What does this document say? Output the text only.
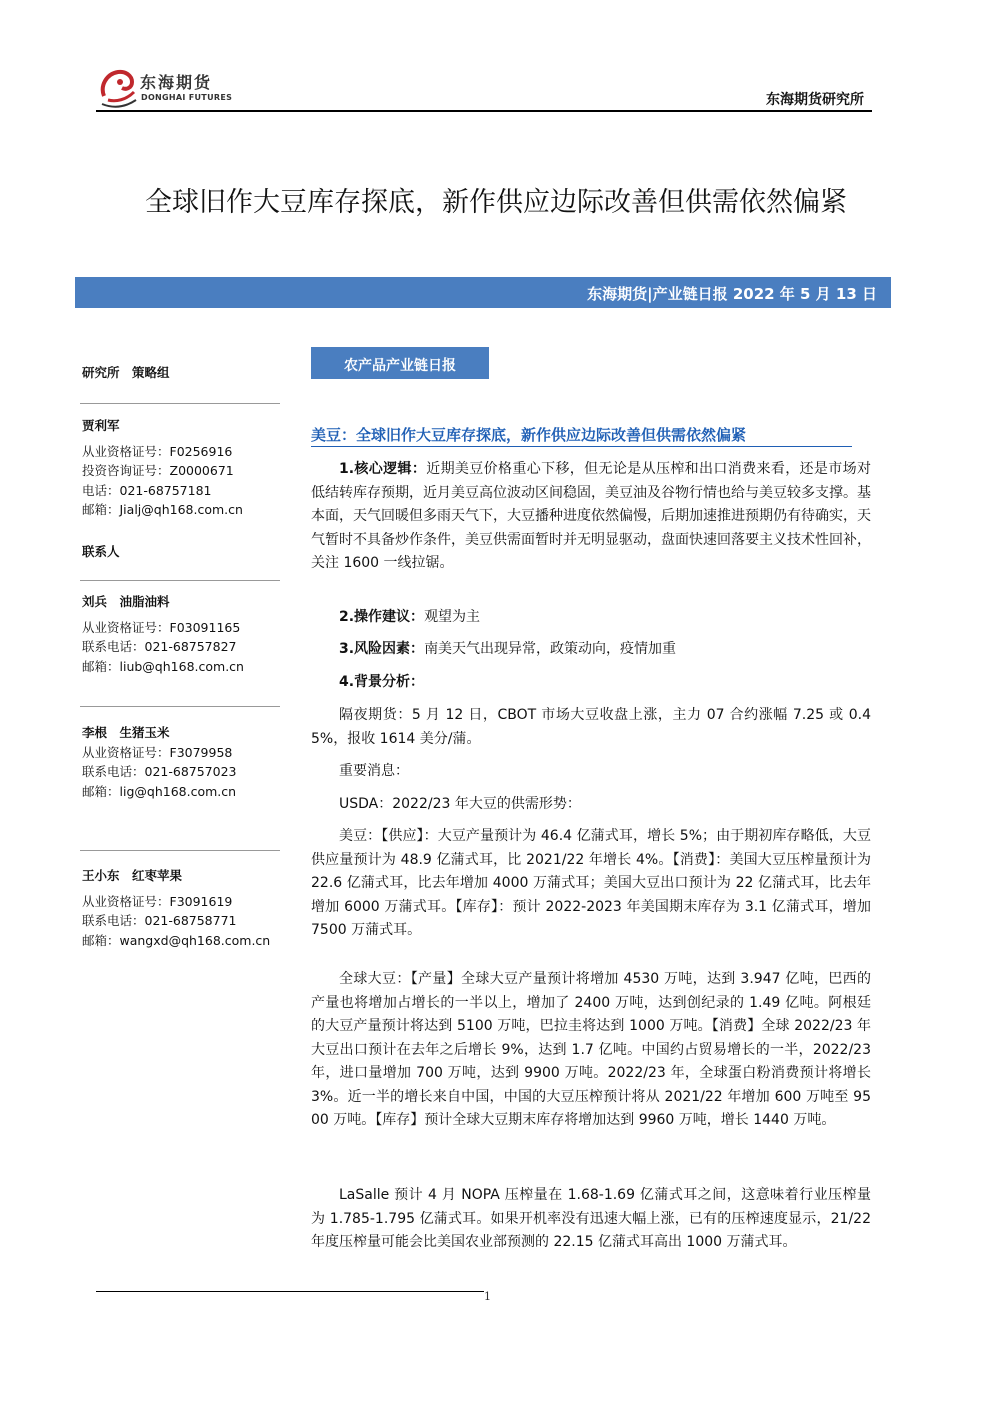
东海期货
DONGHAI FUTURES	东海期货研究所
全球旧作大豆库存探底，新作供应边际改善但供需依然偏紧
东海期货|产业链日报 2022 年 5 月 13 日
研究所　策略组

贾利军

从业资格证号：F0256916

投资咨询证号：Z0000671

电话：021-68757181

邮箱：Jialj@qh168.com.cn

联系人

刘兵　油脂油料

从业资格证号：F03091165

联系电话：021-68757827

邮箱：liub@qh168.com.cn

李根　生猪玉米

从业资格证号：F3079958

联系电话：021-68757023

邮箱：lig@qh168.com.cn

王小东　红枣苹果

从业资格证号：F3091619

联系电话：021-68758771

邮箱：wangxd@qh168.com.cn

农产品产业链日报
美豆：全球旧作大豆库存探底，新作供应边际改善但供需依然偏紧

1.核心逻辑：近期美豆价格重心下移，但无论是从压榨和出口消费来看，还是市场对低结转库存预期，近月美豆高位波动区间稳固，美豆油及谷物行情也给与美豆较多支撑。基本面，天气回暖但多雨天气下，大豆播种进度依然偏慢，后期加速推进预期仍有待确实，天气暂时不具备炒作条件，美豆供需面暂时并无明显驱动，盘面快速回落要主义技术性回补，关注 1600 一线拉锯。

2.操作建议：观望为主

3.风险因素：南美天气出现异常，政策动向，疫情加重

4.背景分析：

隔夜期货：5 月 12 日，CBOT 市场大豆收盘上涨，主力 07 合约涨幅 7.25 或 0.45%，报收 1614 美分/蒲。

重要消息：

USDA：2022/23 年大豆的供需形势：

美豆：【供应】：大豆产量预计为 46.4 亿蒲式耳，增长 5%；由于期初库存略低，大豆供应量预计为 48.9 亿蒲式耳，比 2021/22 年增长 4%。【消费】：美国大豆压榨量预计为 22.6 亿蒲式耳，比去年增加 4000 万蒲式耳；美国大豆出口预计为 22 亿蒲式耳，比去年增加 6000 万蒲式耳。【库存】：预计 2022-2023 年美国期末库存为 3.1 亿蒲式耳，增加 7500 万蒲式耳。

全球大豆：【产量】全球大豆产量预计将增加 4530 万吨，达到 3.947 亿吨，巴西的产量也将增加占增长的一半以上，增加了 2400 万吨，达到创纪录的 1.49 亿吨。阿根廷的大豆产量预计将达到 5100 万吨，巴拉圭将达到 1000 万吨。【消费】全球 2022/23 年大豆出口预计在去年之后增长 9%，达到 1.7 亿吨。中国约占贸易增长的一半，2022/23 年，进口量增加 700 万吨，达到 9900 万吨。2022/23 年，全球蛋白粉消费预计将增长 3%。近一半的增长来自中国，中国的大豆压榨预计将从 2021/22 年增加 600 万吨至 9500 万吨。【库存】预计全球大豆期末库存将增加达到 9960 万吨，增长 1440 万吨。

LaSalle 预计 4 月 NOPA 压榨量在 1.68-1.69 亿蒲式耳之间，这意味着行业压榨量为 1.785-1.795 亿蒲式耳。如果开机率没有迅速大幅上涨，已有的压榨速度显示，21/22 年度压榨量可能会比美国农业部预测的 22.15 亿蒲式耳高出 1000 万蒲式耳。

1
